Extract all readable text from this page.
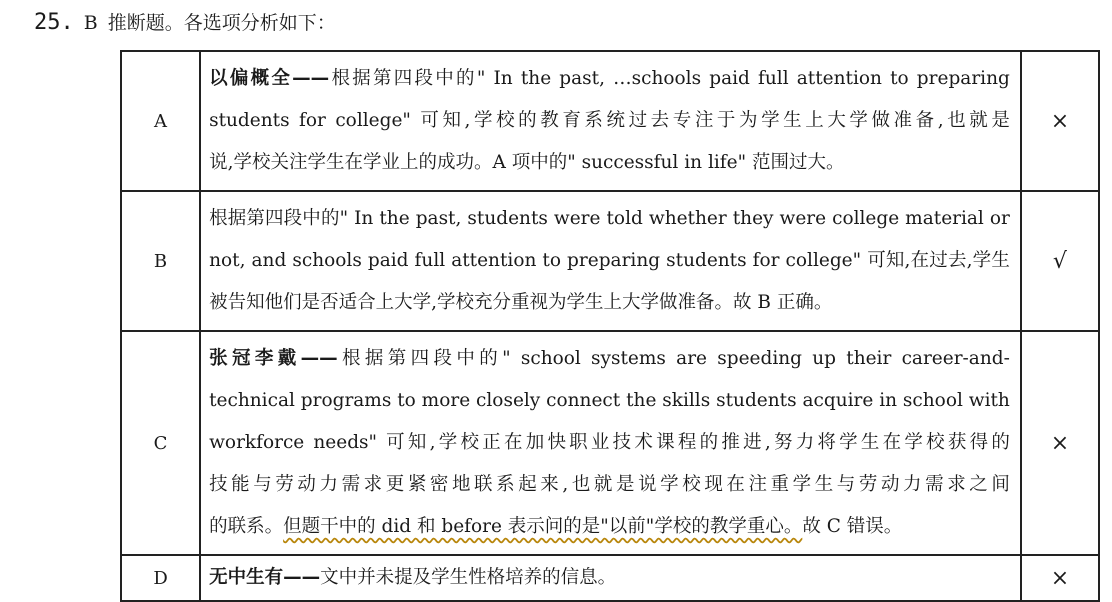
25. B 推断题。各选项分析如下：
A	以偏概全——根据第四段中的" In the past, …schools paid full attention to preparing
students for college" 可知,学校的教育系统过去专注于为学生上大学做准备,也就是
说,学校关注学生在学业上的成功。A 项中的" successful in life" 范围过大。	×
B	根据第四段中的" In the past, students were told whether they were college material or
not, and schools paid full attention to preparing students for college" 可知,在过去,学生
被告知他们是否适合上大学,学校充分重视为学生上大学做准备。故 B 正确。	√
C	张冠李戴——根据第四段中的" school systems are speeding up their career-and-
technical programs to more closely connect the skills students acquire in school with
workforce needs" 可知,学校正在加快职业技术课程的推进,努力将学生在学校获得的
技能与劳动力需求更紧密地联系起来,也就是说学校现在注重学生与劳动力需求之间
的联系。但题干中的 did 和 before 表示问的是"以前"学校的教学重心。故 C 错误。	×
D	无中生有——文中并未提及学生性格培养的信息。	×
